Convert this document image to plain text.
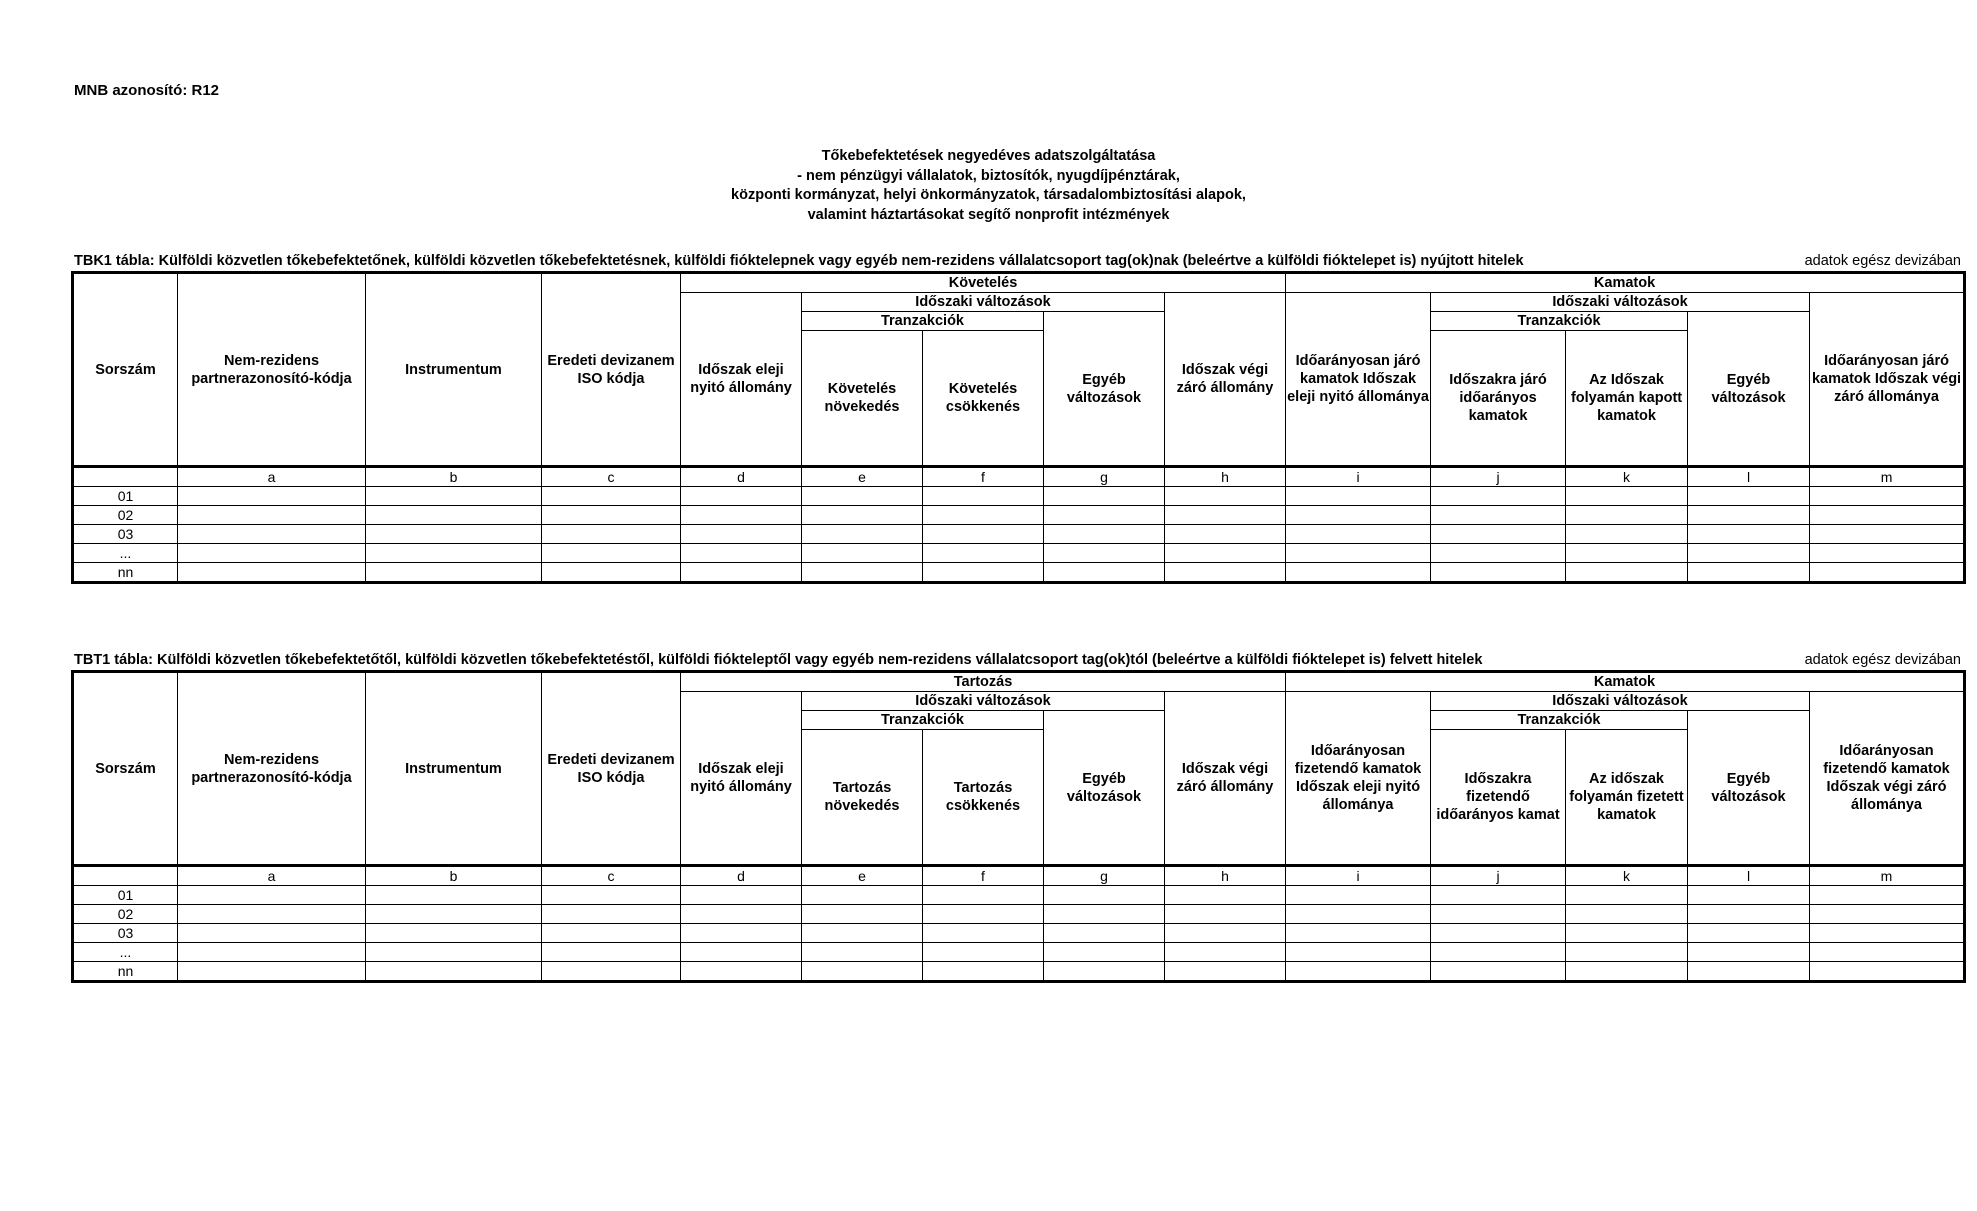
MNB azonosító: R12
Tőkebefektetések negyedéves adatszolgáltatása
- nem pénzügyi vállalatok, biztosítók, nyugdíjpénztárak,
központi kormányzat, helyi önkormányzatok, társadalombiztosítási alapok,
valamint háztartásokat segítő nonprofit intézmények
TBK1 tábla: Külföldi közvetlen tőkebefektetőnek, külföldi közvetlen tőkebefektetésnek, külföldi fióktelepnek vagy egyéb nem-rezidens vállalatcsoport tag(ok)nak (beleértve a külföldi fióktelepet is) nyújtott hitelek	adatok egész devizában
Sorszám	Nem-rezidens partnerazonosító-kódja	Instrumentum	Eredeti devizanem ISO kódja	Követelés					Kamatok				
				Időszak eleji nyitó állomány	Időszaki változások			Időszak végi záró állomány	Időarányosan járó kamatok Időszak eleji nyitó állománya	Időszaki változások			Időarányosan járó kamatok Időszak végi záró állománya
					Tranzakciók		Egyéb változások			Tranzakciók		Egyéb változások	
					Követelés növekedés	Követelés csökkenés				Időszakra járó időarányos kamatok	Az Időszak folyamán kapott kamatok		
	a	b	c	d	e	f	g	h	i	j	k	l	m
01													
02													
03													
...													
nn													
TBT1 tábla: Külföldi közvetlen tőkebefektetőtől, külföldi közvetlen tőkebefektetéstől, külföldi fiókteleptől vagy egyéb nem-rezidens vállalatcsoport tag(ok)tól (beleértve a külföldi fióktelepet is) felvett hitelek	adatok egész devizában
Sorszám	Nem-rezidens partnerazonosító-kódja	Instrumentum	Eredeti devizanem ISO kódja	Tartozás					Kamatok				
				Időszak eleji nyitó állomány	Időszaki változások			Időszak végi záró állomány	Időarányosan fizetendő kamatok Időszak eleji nyitó állománya	Időszaki változások			Időarányosan fizetendő kamatok Időszak végi záró állománya
					Tranzakciók		Egyéb változások			Tranzakciók		Egyéb változások	
					Tartozás növekedés	Tartozás csökkenés				Időszakra fizetendő időarányos kamat	Az időszak folyamán fizetett kamatok		
	a	b	c	d	e	f	g	h	i	j	k	l	m
01													
02													
03													
...													
nn													
